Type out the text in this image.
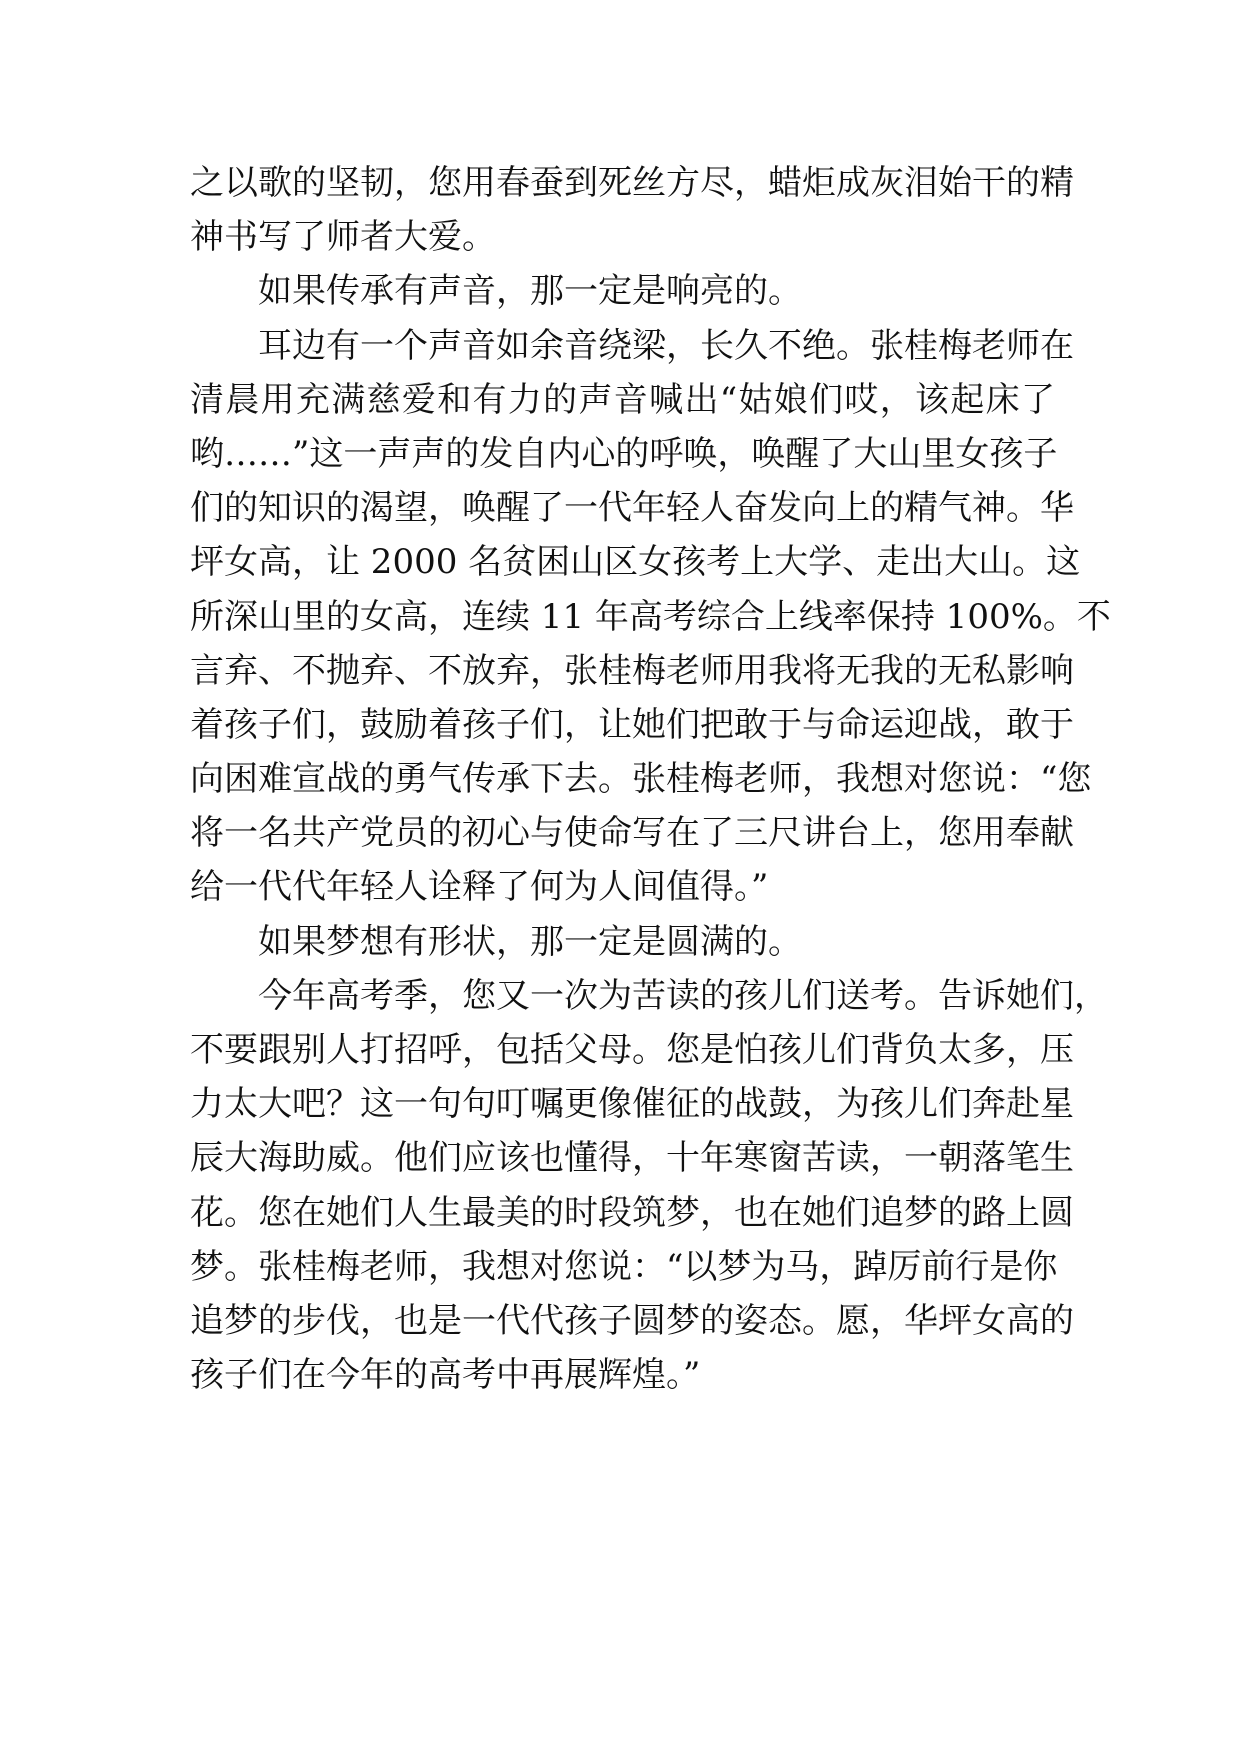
之以歌的坚韧，您用春蚕到死丝方尽，蜡炬成灰泪始干的精
神书写了师者大爱。
如果传承有声音，那一定是响亮的。
耳边有一个声音如余音绕梁，长久不绝。张桂梅老师在
清晨用充满慈爱和有力的声音喊出“姑娘们哎，该起床了
哟……”这一声声的发自内心的呼唤，唤醒了大山里女孩子
们的知识的渴望，唤醒了一代年轻人奋发向上的精气神。华
坪女高，让 2000 名贫困山区女孩考上大学、走出大山。这
所深山里的女高，连续 11 年高考综合上线率保持 100%。不
言弃、不抛弃、不放弃，张桂梅老师用我将无我的无私影响
着孩子们，鼓励着孩子们，让她们把敢于与命运迎战，敢于
向困难宣战的勇气传承下去。张桂梅老师，我想对您说：“您
将一名共产党员的初心与使命写在了三尺讲台上，您用奉献
给一代代年轻人诠释了何为人间值得。”
如果梦想有形状，那一定是圆满的。
今年高考季，您又一次为苦读的孩儿们送考。告诉她们，
不要跟别人打招呼，包括父母。您是怕孩儿们背负太多，压
力太大吧？这一句句叮嘱更像催征的战鼓，为孩儿们奔赴星
辰大海助威。他们应该也懂得，十年寒窗苦读，一朝落笔生
花。您在她们人生最美的时段筑梦，也在她们追梦的路上圆
梦。张桂梅老师，我想对您说：“以梦为马，踔厉前行是你
追梦的步伐，也是一代代孩子圆梦的姿态。愿，华坪女高的
孩子们在今年的高考中再展辉煌。”
